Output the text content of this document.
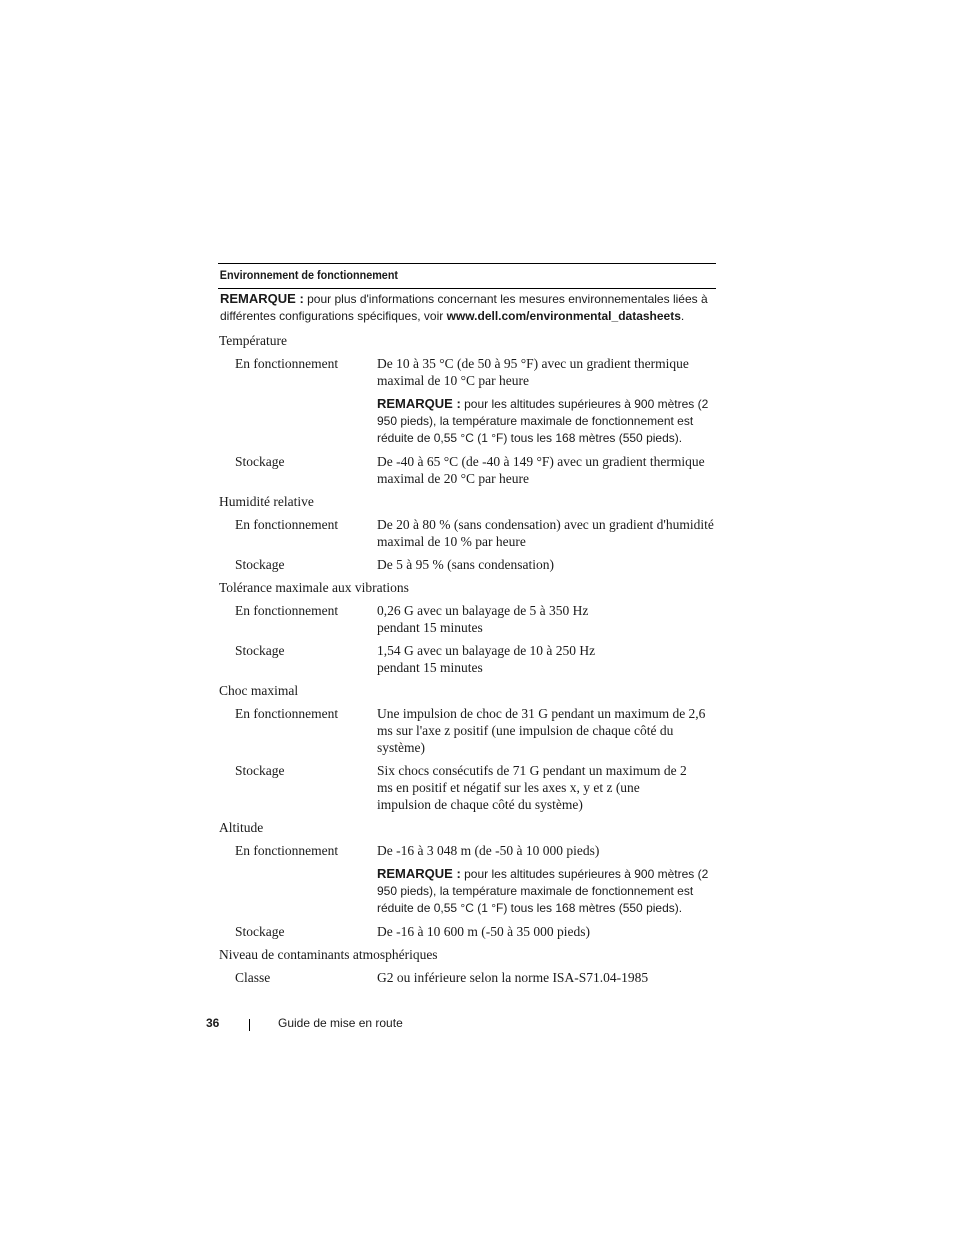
Environnement de fonctionnement
REMARQUE : pour plus d'informations concernant les mesures environnementales liées à différentes configurations spécifiques, voir www.dell.com/environmental_datasheets.
Température
En fonctionnement	De 10 à 35 °C (de 50 à 95 °F) avec un gradient thermique maximal de 10 °C par heure
REMARQUE : pour les altitudes supérieures à 900 mètres (2 950 pieds), la température maximale de fonctionnement est réduite de 0,55 °C (1 °F) tous les 168 mètres (550 pieds).
Stockage	De -40 à 65 °C (de -40 à 149 °F) avec un gradient thermique maximal de 20 °C par heure
Humidité relative
En fonctionnement	De 20 à 80 % (sans condensation) avec un gradient d'humidité maximal de 10 % par heure
Stockage	De 5 à 95 % (sans condensation)
Tolérance maximale aux vibrations
En fonctionnement	0,26 G avec un balayage de 5 à 350 Hz pendant 15 minutes
Stockage	1,54 G avec un balayage de 10 à 250 Hz pendant 15 minutes
Choc maximal
En fonctionnement	Une impulsion de choc de 31 G pendant un maximum de 2,6 ms sur l'axe z positif (une impulsion de chaque côté du système)
Stockage	Six chocs consécutifs de 71 G pendant un maximum de 2 ms en positif et négatif sur les axes x, y et z (une impulsion de chaque côté du système)
Altitude
En fonctionnement	De -16 à 3 048 m (de -50 à 10 000 pieds)
REMARQUE : pour les altitudes supérieures à 900 mètres (2 950 pieds), la température maximale de fonctionnement est réduite de 0,55 °C (1 °F) tous les 168 mètres (550 pieds).
Stockage	De -16 à 10 600 m (-50 à 35 000 pieds)
Niveau de contaminants atmosphériques
Classe	G2 ou inférieure selon la norme ISA-S71.04-1985
36	Guide de mise en route
